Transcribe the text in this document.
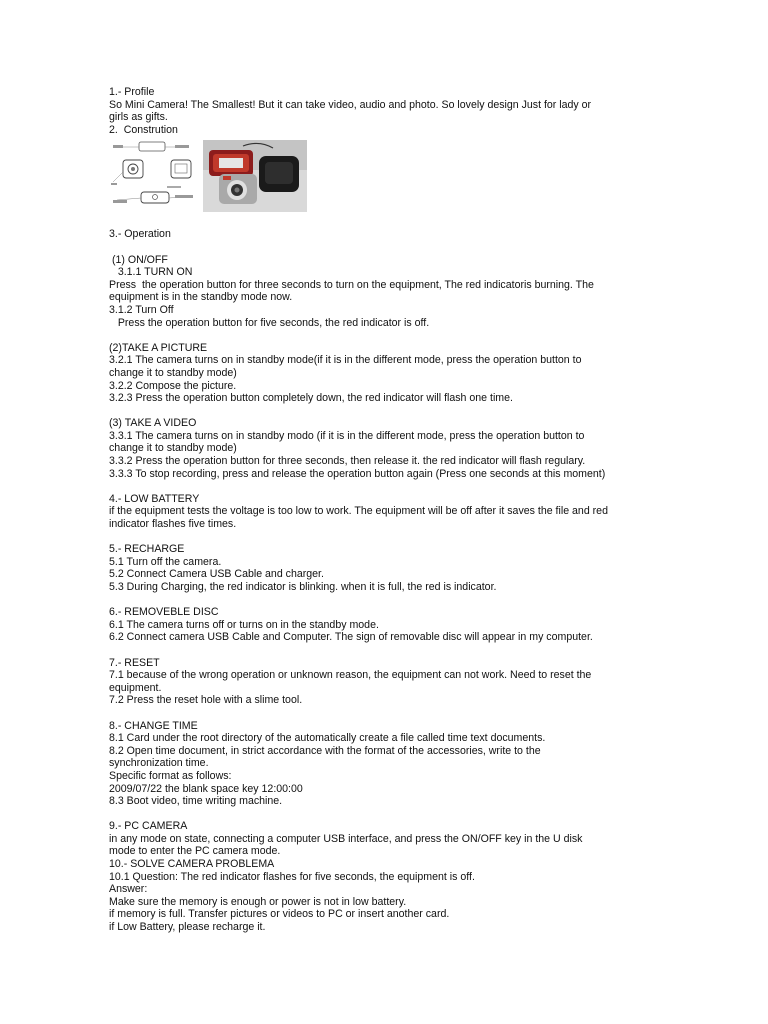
1.- Profile

So Mini Camera! The Smallest! But it can take video, audio and photo. So lovely design Just for lady or

girls as gifts.

2.  Constrution

3.- Operation

(1) ON/OFF

3.1.1 TURN ON

Press  the operation button for three seconds to turn on the equipment, The red indicatoris burning. The

equipment is in the standby mode now.

3.1.2 Turn Off

Press the operation button for five seconds, the red indicator is off.

(2)TAKE A PICTURE

3.2.1 The camera turns on in standby mode(if it is in the different mode, press the operation button to

change it to standby mode)

3.2.2 Compose the picture.

3.2.3 Press the operation button completely down, the red indicator will flash one time.

(3) TAKE A VIDEO

3.3.1 The camera turns on in standby modo (if it is in the different mode, press the operation button to

change it to standby mode)

3.3.2 Press the operation button for three seconds, then release it. the red indicator will flash regulary.

3.3.3 To stop recording, press and release the operation button again (Press one seconds at this moment)

4.- LOW BATTERY

if the equipment tests the voltage is too low to work. The equipment will be off after it saves the file and red

indicator flashes five times.

5.- RECHARGE

5.1 Turn off the camera.

5.2 Connect Camera USB Cable and charger.

5.3 During Charging, the red indicator is blinking. when it is full, the red is indicator.

6.- REMOVEBLE DISC

6.1 The camera turns off or turns on in the standby mode.

6.2 Connect camera USB Cable and Computer. The sign of removable disc will appear in my computer.

7.- RESET

7.1 because of the wrong operation or unknown reason, the equipment can not work. Need to reset the

equipment.

7.2 Press the reset hole with a slime tool.

8.- CHANGE TIME

8.1 Card under the root directory of the automatically create a file called time text documents.

8.2 Open time document, in strict accordance with the format of the accessories, write to the

synchronization time.

Specific format as follows:

2009/07/22 the blank space key 12:00:00

8.3 Boot video, time writing machine.

9.- PC CAMERA

in any mode on state, connecting a computer USB interface, and press the ON/OFF key in the U disk

mode to enter the PC camera mode.

10.- SOLVE CAMERA PROBLEMA

10.1 Question: The red indicator flashes for five seconds, the equipment is off.

Answer:

Make sure the memory is enough or power is not in low battery.

if memory is full. Transfer pictures or videos to PC or insert another card.

if Low Battery, please recharge it.
